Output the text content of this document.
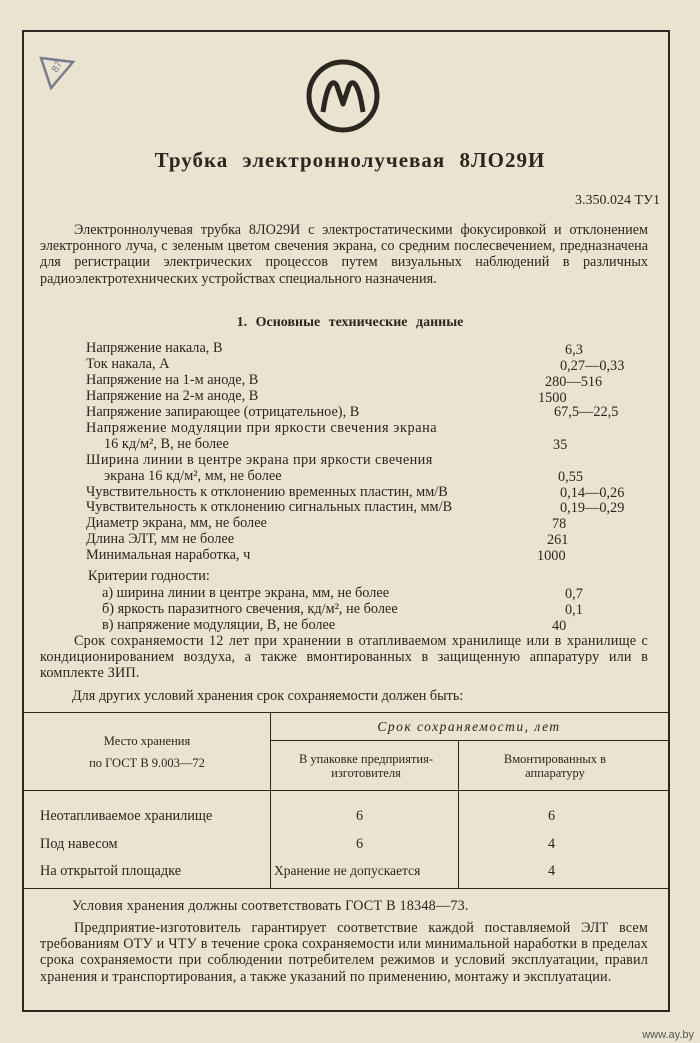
87
Трубка электроннолучевая 8ЛО29И
3.350.024 ТУ1
Электроннолучевая трубка 8ЛО29И с электростатическими фокусировкой и отклонением электронного луча, с зеленым цветом свечения экрана, со средним послесвечением, предназначена для регистрации электрических процессов путем визуальных наблюдений в различных радиоэлектротехнических устройствах специального назначения.
1. Основные технические данные
Напряжение накала, В	6,3
Ток накала, А	0,27—0,33
Напряжение на 1-м аноде, В	280—516
Напряжение на 2-м аноде, В	1500
Напряжение запирающее (отрицательное), В	67,5—22,5
Напряжение модуляции при яркости свечения экрана
16 кд/м², В, не более	35
Ширина линии в центре экрана при яркости свечения
экрана 16 кд/м², мм, не более	0,55
Чувствительность к отклонению временных пластин, мм/В	0,14—0,26
Чувствительность к отклонению сигнальных пластин, мм/В	0,19—0,29
Диаметр экрана, мм, не более	78
Длина ЭЛТ, мм не более	261
Минимальная наработка, ч	1000
Критерии годности:
а) ширина линии в центре экрана, мм, не более	0,7
б) яркость паразитного свечения, кд/м², не более	0,1
в) напряжение модуляции, В, не более	40
Срок сохраняемости 12 лет при хранении в отапливаемом хранилище или в хранилище с кондиционированием воздуха, а также вмонтированных в защищенную аппаратуру или в комплекте ЗИП.
Для других условий хранения срок сохраняемости должен быть:
Место хранения
по ГОСТ В 9.003—72
Срок сохраняемости, лет
В упаковке предприятия-изготовителя
Вмонтированных в аппаратуру
Неотапливаемое хранилище	6	6
Под навесом	6	4
На открытой площадке	Хранение не допускается	4
Условия хранения должны соответствовать ГОСТ В 18348—73.
Предприятие-изготовитель гарантирует соответствие каждой поставляемой ЭЛТ всем требованиям ОТУ и ЧТУ в течение срока сохраняемости или минимальной наработки в пределах срока сохраняемости при соблюдении потребителем режимов и условий эксплуатации, правил хранения и транспортирования, а также указаний по применению, монтажу и эксплуатации.
www.ay.by
